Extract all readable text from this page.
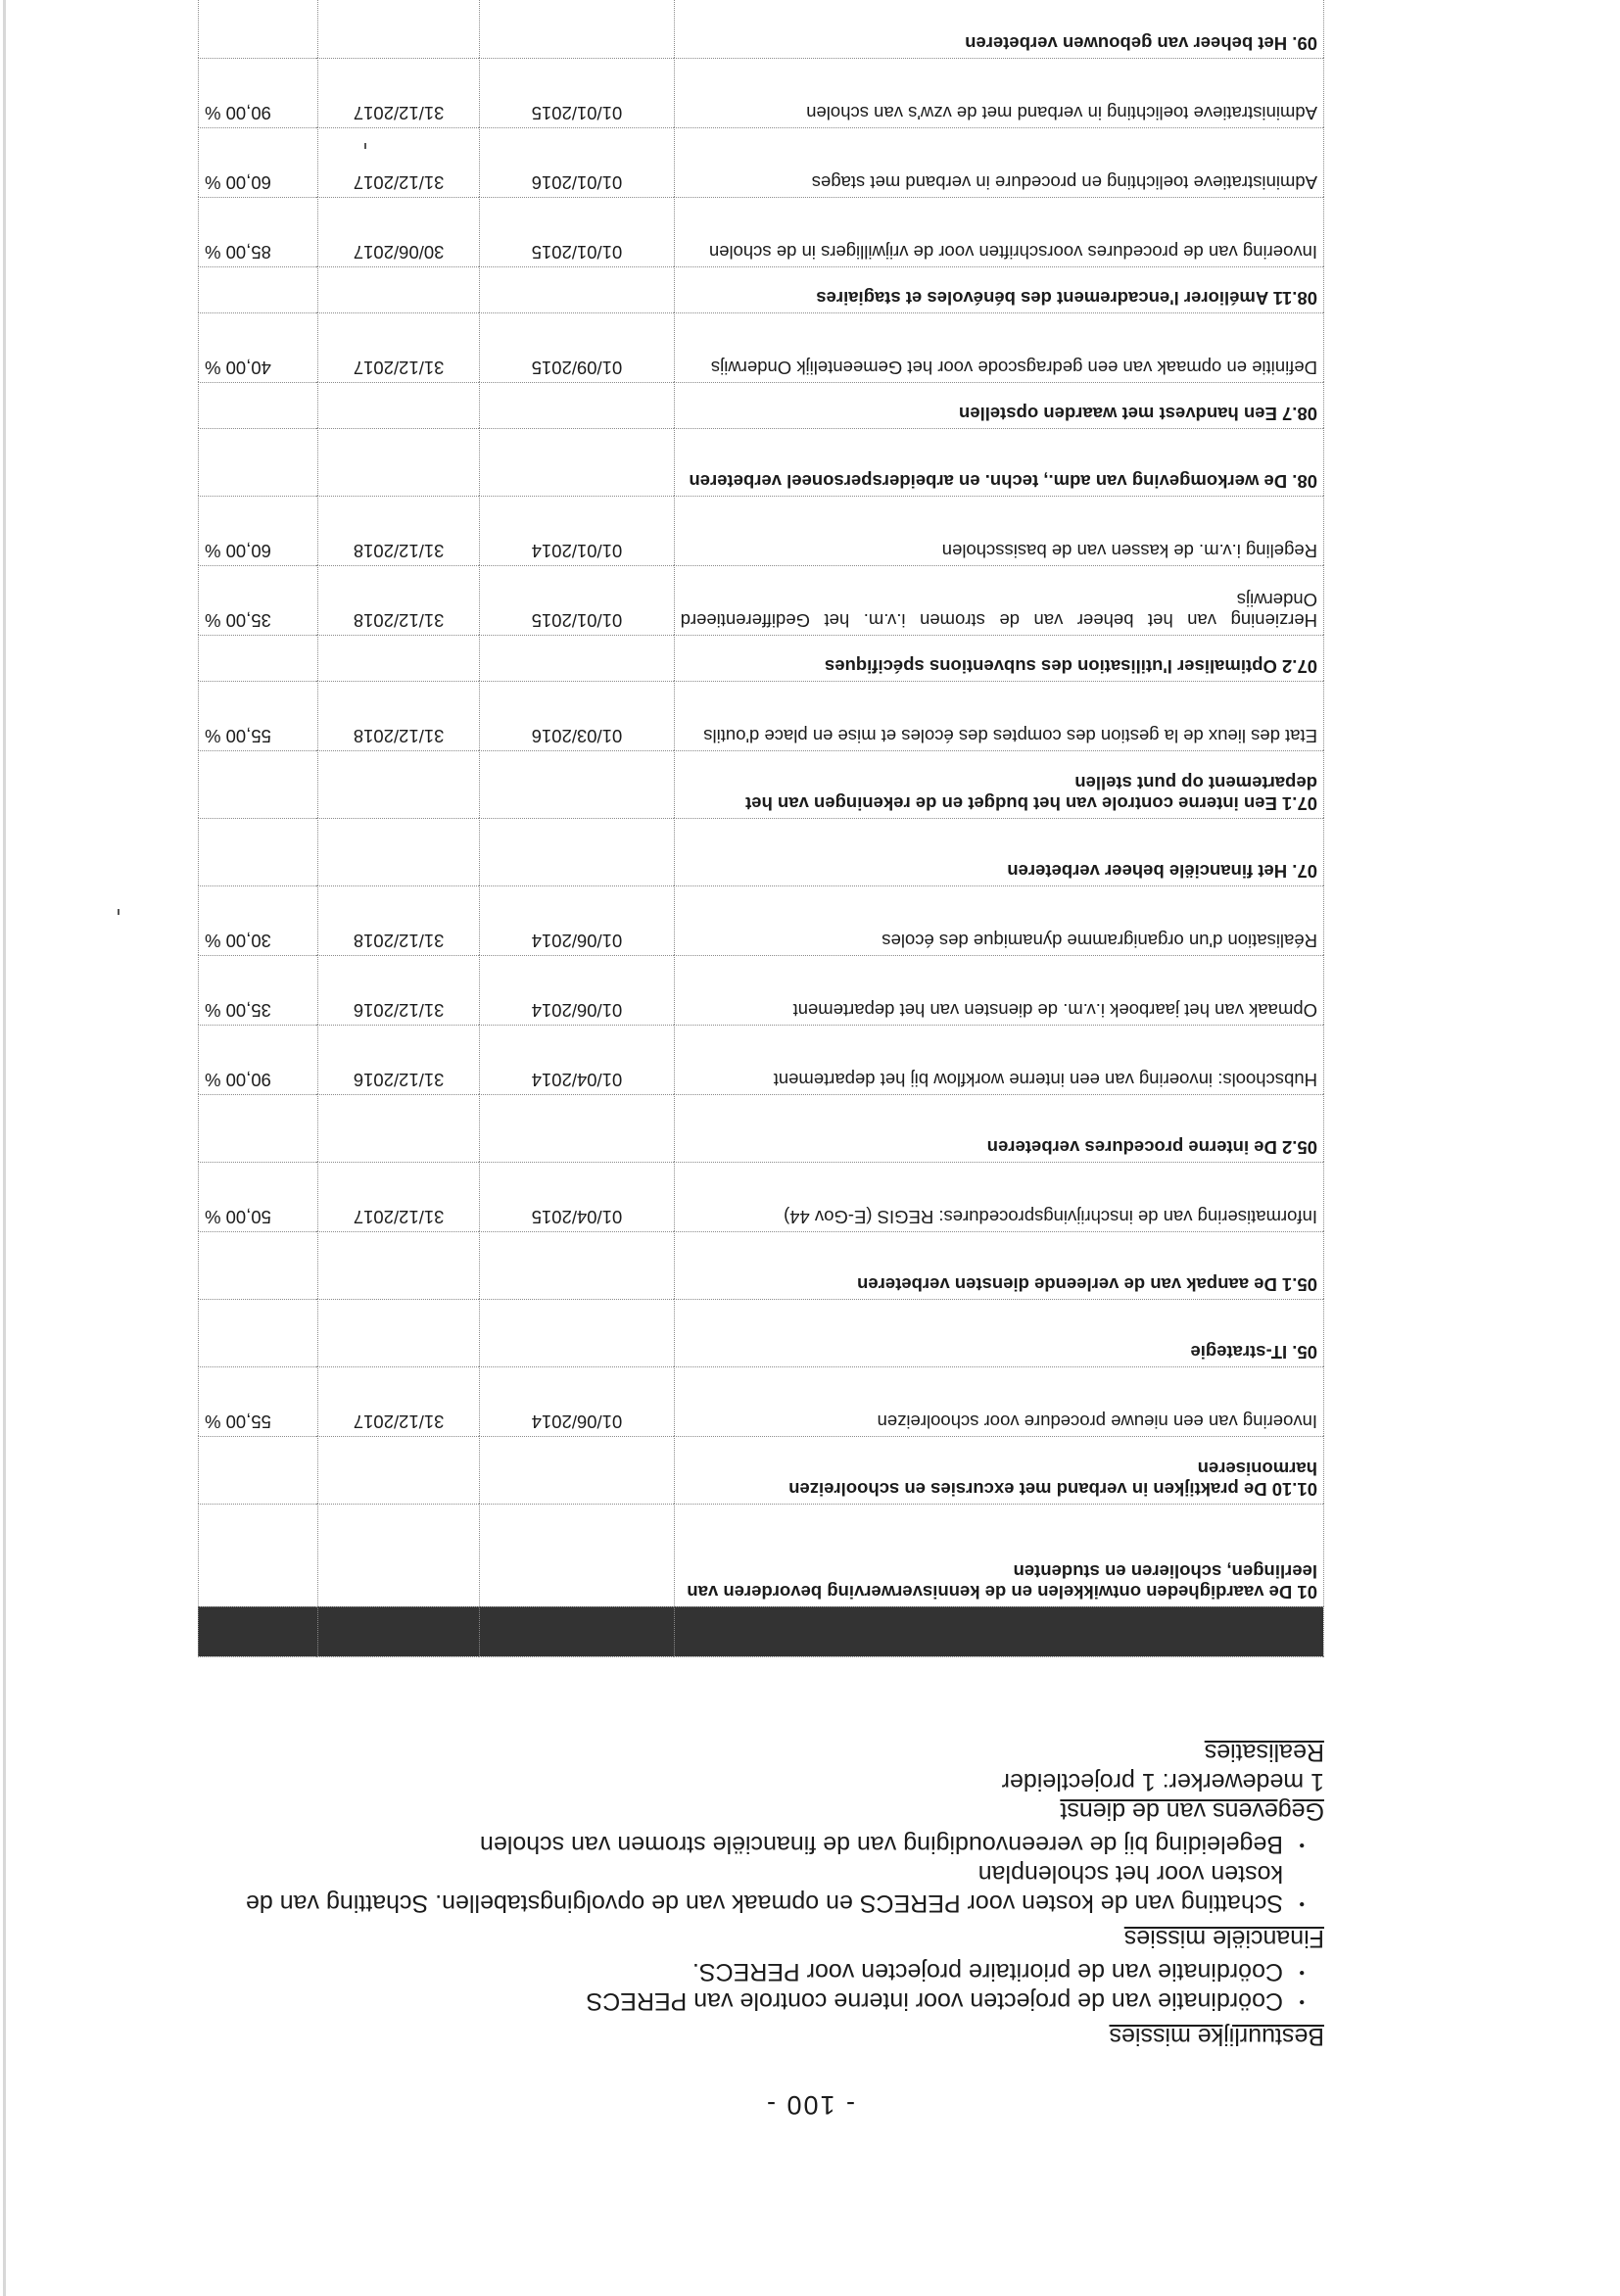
- 100 -
Bestuurlijke missies
• Coördinatie van de projecten voor interne controle van PERECS
• Coördinatie van de prioritaire projecten voor PERECS.
Financiële missies
• Schatting van de kosten voor PERECS en opmaak van de opvolgingstabellen. Schatting van de kosten voor het scholenplan
• Begeleiding bij de vereenvoudiging van de financiële stromen van scholen
Gegevens van de dienst
1 medewerker: 1 projectleider
Realisaties

01 De vaardigheden ontwikkelen en de kennisverwerving bevorderen van leerlingen, scholieren en studenten			
01.10 De praktijken in verband met excursies en schoolreizen harmoniseren			
Invoering van een nieuwe procedure voor schoolreizen	01/06/2014	31/12/2017	55,00 %
05. IT-strategie			
05.1 De aanpak van de verleende diensten verbeteren			
Informatisering van de inschrijvingsprocedures: REGIS (E-Gov 44)	01/04/2015	31/12/2017	50,00 %
05.2 De interne procedures verbeteren			
Hubschools: invoering van een interne workflow bij het departement	01/04/2014	31/12/2016	90,00 %
Opmaak van het jaarboek i.v.m. de diensten van het departement	01/06/2014	31/12/2016	35,00 %
Réalisation d'un organigramme dynamique des écoles	01/06/2014	31/12/2018	30,00 %
07. Het financiële beheer verbeteren			
07.1 Een interne controle van het budget en de rekeningen van het departement op punt stellen			
Etat des lieux de la gestion des comptes des écoles et mise en place d'outils	01/03/2016	31/12/2018	55,00 %
07.2 Optimaliser l'utilisation des subventions spécifiques			
Herziening van het beheer van de stromen i.v.m. het Gedifferentieerd Onderwijs	01/01/2015	31/12/2018	35,00 %
Regeling i.v.m. de kassen van de basisscholen	01/01/2014	31/12/2018	60,00 %
08. De werkomgeving van adm., techn. en arbeiderspersoneel verbeteren			
08.7 Een handvest met waarden opstellen			
Definitie en opmaak van een gedragscode voor het Gemeentelijk Onderwijs	01/09/2015	31/12/2017	40,00 %
08.11 Améliorer l'encadrement des bénévoles et stagiaires			
Invoering van de procedures voorschriften voor de vrijwilligers in de scholen	01/01/2015	30/06/2017	85,00 %
Administratieve toelichting en procedure in verband met stages	01/01/2016	31/12/2017	60,00 %
Administratieve toelichting in verband met de vzw's van scholen	01/01/2015	31/12/2017	90,00 %
09. Het beheer van gebouwen verbeteren			
